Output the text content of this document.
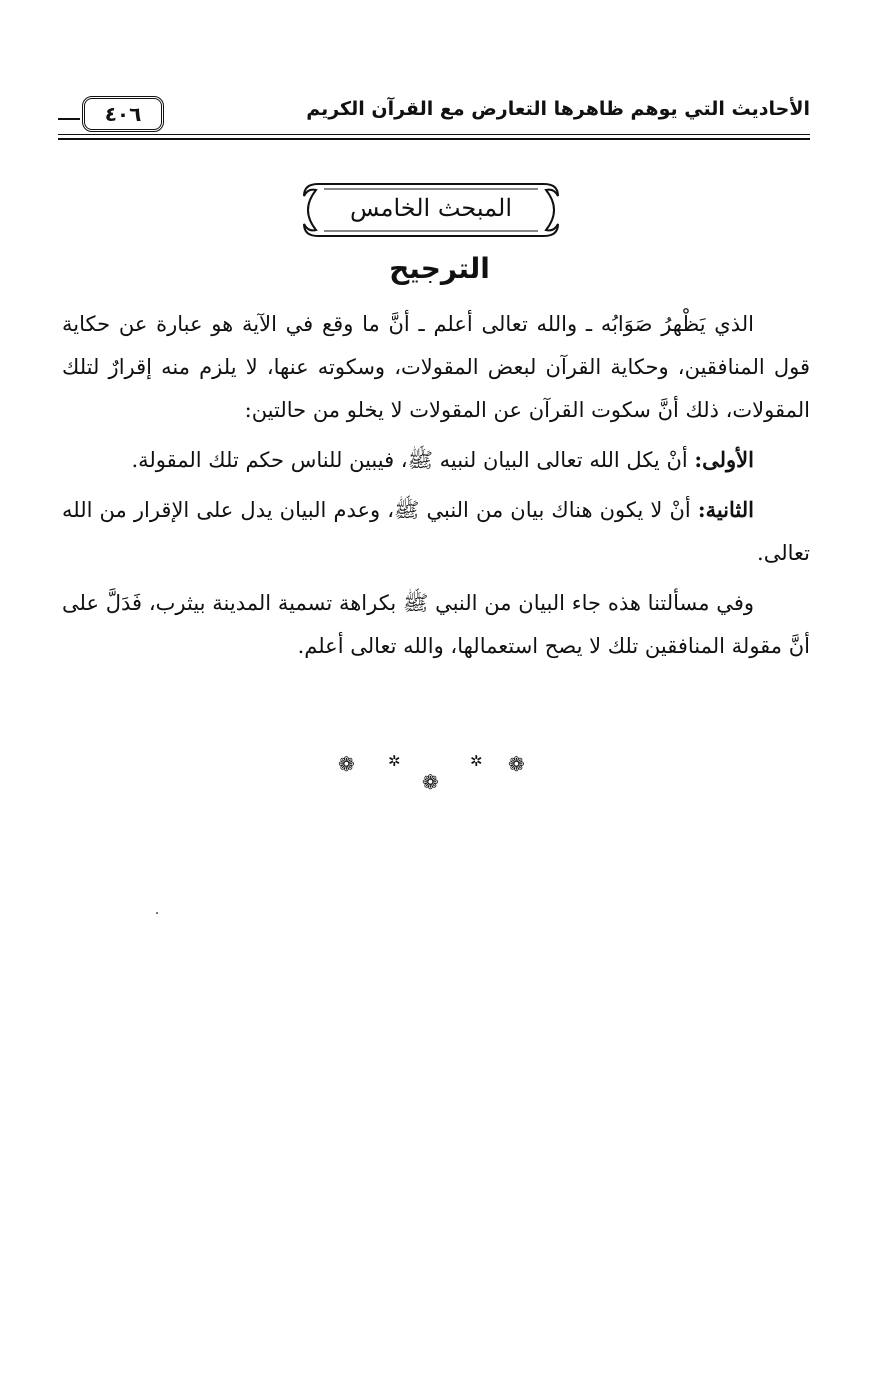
الأحاديث التي يوهم ظاهرها التعارض مع القرآن الكريم
٤٠٦
المبحث الخامس
الترجيح

الذي يَظْهرُ صَوَابُه ـ والله تعالى أعلم ـ أنَّ ما وقع في الآية هو عبارة عن حكاية قول المنافقين، وحكاية القرآن لبعض المقولات، وسكوته عنها، لا يلزم منه إقرارٌ لتلك المقولات، ذلك أنَّ سكوت القرآن عن المقولات لا يخلو من حالتين:

الأولى: أنْ يكل الله تعالى البيان لنبيه ﷺ، فيبين للناس حكم تلك المقولة.

الثانية: أنْ لا يكون هناك بيان من النبي ﷺ، وعدم البيان يدل على الإقرار من الله تعالى.

وفي مسألتنا هذه جاء البيان من النبي ﷺ بكراهة تسمية المدينة بيثرب، فَدَلَّ على أنَّ مقولة المنافقين تلك لا يصح استعمالها، والله تعالى أعلم.

❁ ✲
❁
✲ ❁
